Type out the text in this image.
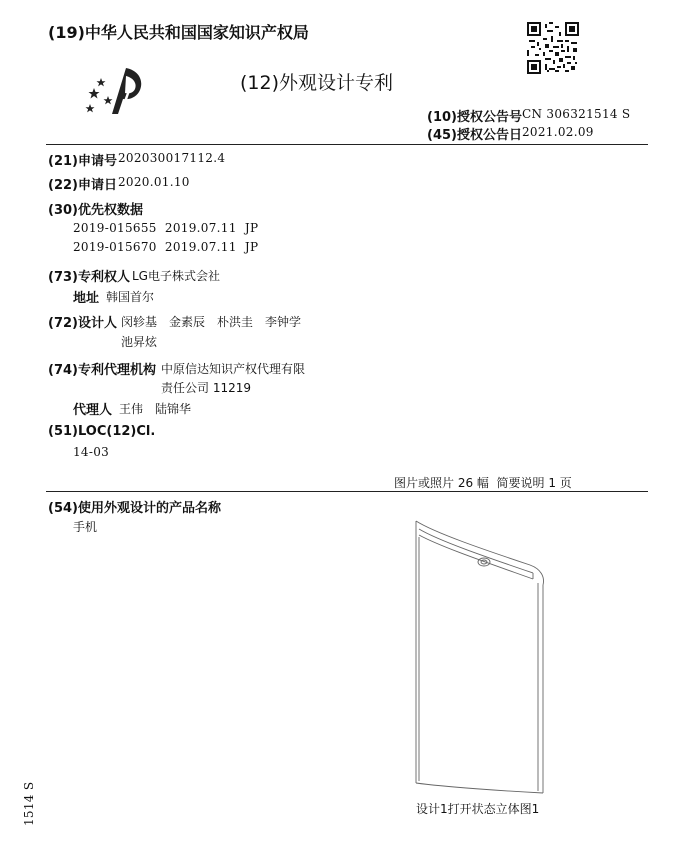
(19)中华人民共和国国家知识产权局
(12)外观设计专利
(10)授权公告号 CN 306321514 S
(45)授权公告日 2021.02.09
(21)申请号 202030017112.4
(22)申请日 2020.01.10
(30)优先权数据
2019-015655  2019.07.11  JP
2019-015670  2019.07.11  JP
(73)专利权人 LG电子株式会社
地址 韩国首尔
(72)设计人 闵轸基　金素辰　朴洪圭　李钟学
池昇炫
(74)专利代理机构 中原信达知识产权代理有限
责任公司 11219
代理人 王伟　陆锦华
(51)LOC(12)Cl.
14-03
图片或照片 26 幅  简要说明 1 页
(54)使用外观设计的产品名称
手机
设计1打开状态立体图1
1514 S
